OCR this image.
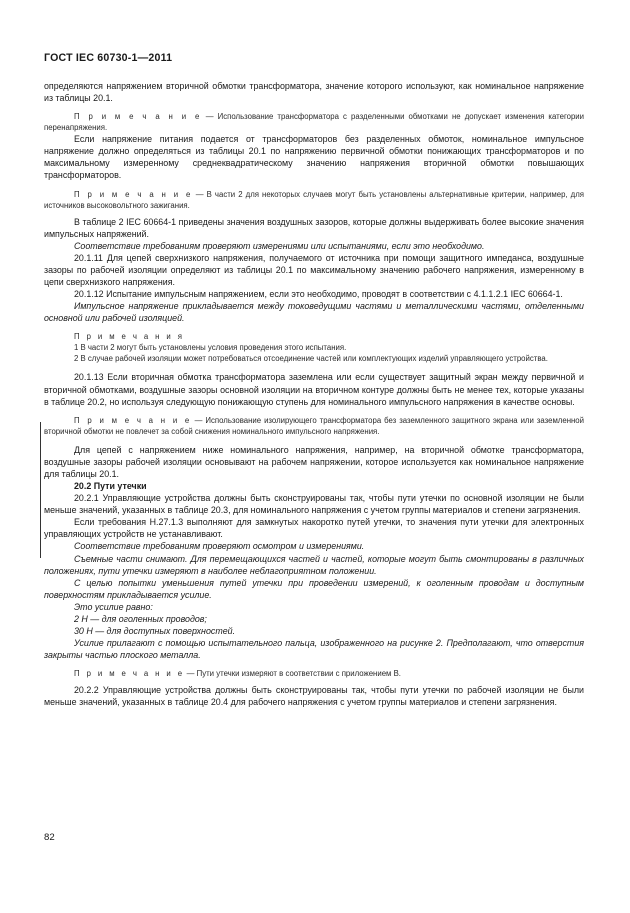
ГОСТ IEC 60730-1—2011

определяются напряжением вторичной обмотки трансформатора, значение которого используют, как номинальное напряжение из таблицы 20.1.

П р и м е ч а н и е — Использование трансформатора с разделенными обмотками не допускает изменения категории перенапряжения.

Если напряжение питания подается от трансформаторов без разделенных обмоток, номинальное импульсное напряжение должно определяться из таблицы 20.1 по напряжению первичной обмотки понижающих трансформаторов и по максимальному измеренному среднеквадратическому значению напряжения вторичной обмотки повышающих трансформаторов.

П р и м е ч а н и е — В части 2 для некоторых случаев могут быть установлены альтернативные критерии, например, для источников высоковольтного зажигания.

В таблице 2 IEC 60664-1 приведены значения воздушных зазоров, которые должны выдерживать более высокие значения импульсных напряжений.

Соответствие требованиям проверяют измерениями или испытаниями, если это необходимо.

20.1.11 Для цепей сверхнизкого напряжения, получаемого от источника при помощи защитного импеданса, воздушные зазоры по рабочей изоляции определяют из таблицы 20.1 по максимальному значению рабочего напряжения, измеренному в цепи сверхнизкого напряжения.

20.1.12 Испытание импульсным напряжением, если это необходимо, проводят в соответствии с 4.1.1.2.1 IEC 60664-1.

Импульсное напряжение прикладывается между токоведущими частями и металлическими частями, отделенными основной или рабочей изоляцией.

П р и м е ч а н и я

1 В части 2 могут быть установлены условия проведения этого испытания.

2 В случае рабочей изоляции может потребоваться отсоединение частей или комплектующих изделий управляющего устройства.

20.1.13 Если вторичная обмотка трансформатора заземлена или если существует защитный экран между первичной и вторичной обмотками, воздушные зазоры основной изоляции на вторичном контуре должны быть не менее тех, которые указаны в таблице 20.2, но используя следующую понижающую ступень для номинального импульсного напряжения в качестве основы.

П р и м е ч а н и е — Использование изолирующего трансформатора без заземленного защитного экрана или заземленной вторичной обмотки не повлечет за собой снижения номинального импульсного напряжения.

Для цепей с напряжением ниже номинального напряжения, например, на вторичной обмотке трансформатора, воздушные зазоры рабочей изоляции основывают на рабочем напряжении, которое используется как номинальное напряжение для таблицы 20.1.

20.2 Пути утечки

20.2.1 Управляющие устройства должны быть сконструированы так, чтобы пути утечки по основной изоляции не были меньше значений, указанных в таблице 20.3, для номинального напряжения с учетом группы материалов и степени загрязнения.

Если требования H.27.1.3 выполняют для замкнутых накоротко путей утечки, то значения пути утечки для электронных управляющих устройств не устанавливают.

Соответствие требованиям проверяют осмотром и измерениями.

Съемные части снимают. Для перемещающихся частей и частей, которые могут быть смонтированы в различных положениях, пути утечки измеряют в наиболее неблагоприятном положении.

С целью попытки уменьшения путей утечки при проведении измерений, к оголенным проводам и доступным поверхностям прикладывается усилие.

Это усилие равно:

2 Н — для оголенных проводов;

30 Н — для доступных поверхностей.

Усилие прилагают с помощью испытательного пальца, изображенного на рисунке 2. Предполагают, что отверстия закрыты частью плоского металла.

П р и м е ч а н и е — Пути утечки измеряют в соответствии с приложением В.

20.2.2 Управляющие устройства должны быть сконструированы так, чтобы пути утечки по рабочей изоляции не были меньше значений, указанных в таблице 20.4 для рабочего напряжения с учетом группы материалов и степени загрязнения.

82
